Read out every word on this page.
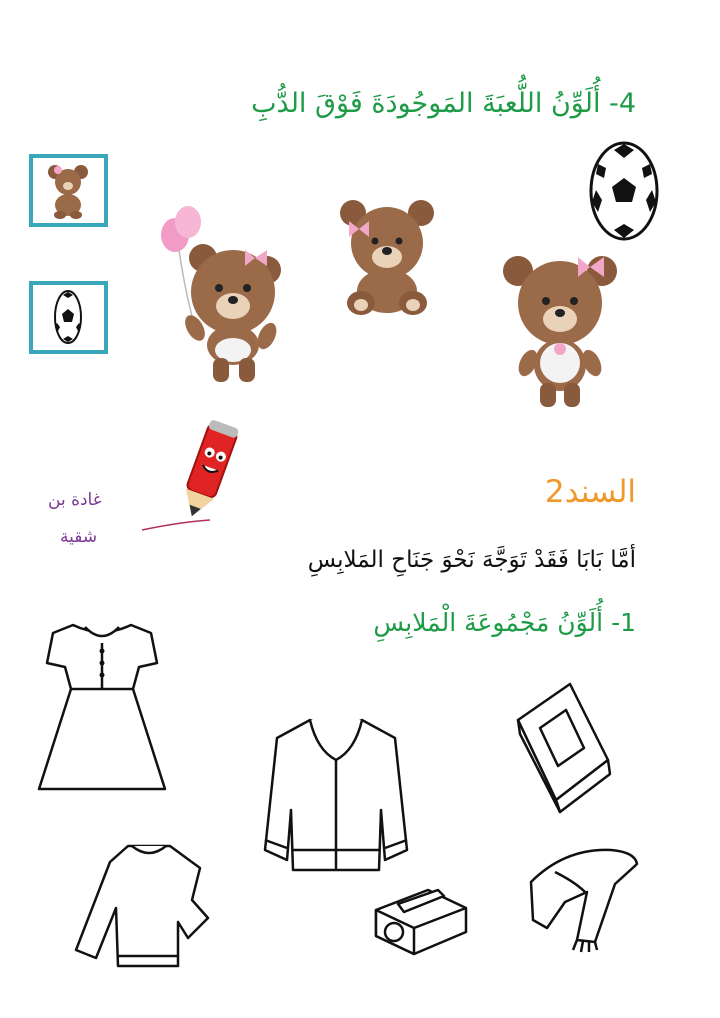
4- أُلَوِّنُ اللُّعبَةَ المَوجُودَةَ فَوْقَ الدُّبِ
غادة بن
شقية
السند2
أمَّا بَابَا فَقَدْ تَوَجَّهَ نَحْوَ جَنَاحِ المَلابِسِ
1- أُلَوِّنُ مَجْمُوعَةَ الْمَلابِسِ
